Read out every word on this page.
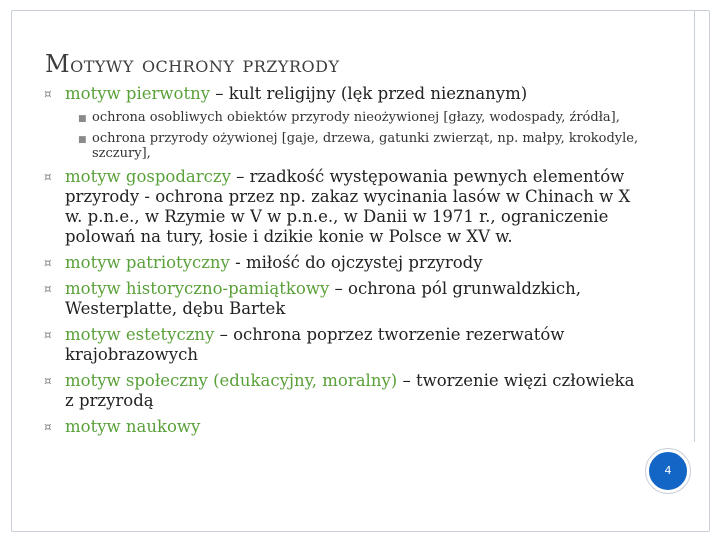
MOTYWY OCHRONY PRZYRODY
¤ motyw pierwotny – kult religijny (lęk przed nieznanym)
■ ochrona osobliwych obiektów przyrody nieożywionej [głazy, wodospady, źródła],
■ ochrona przyrody ożywionej [gaje, drzewa, gatunki zwierząt, np. małpy, krokodyle, szczury],
¤ motyw gospodarczy – rzadkość występowania pewnych elementów przyrody - ochrona przez np. zakaz wycinania lasów w Chinach w X w. p.n.e., w Rzymie w V w p.n.e., w Danii w 1971 r., ograniczenie polowań na tury, łosie i dzikie konie w Polsce w XV w.
¤ motyw patriotyczny - miłość do ojczystej przyrody
¤ motyw historyczno-pamiątkowy – ochrona pól grunwaldzkich, Westerplatte, dębu Bartek
¤ motyw estetyczny – ochrona poprzez tworzenie rezerwatów krajobrazowych
¤ motyw społeczny (edukacyjny, moralny) – tworzenie więzi człowieka z przyrodą
¤ motyw naukowy
4
